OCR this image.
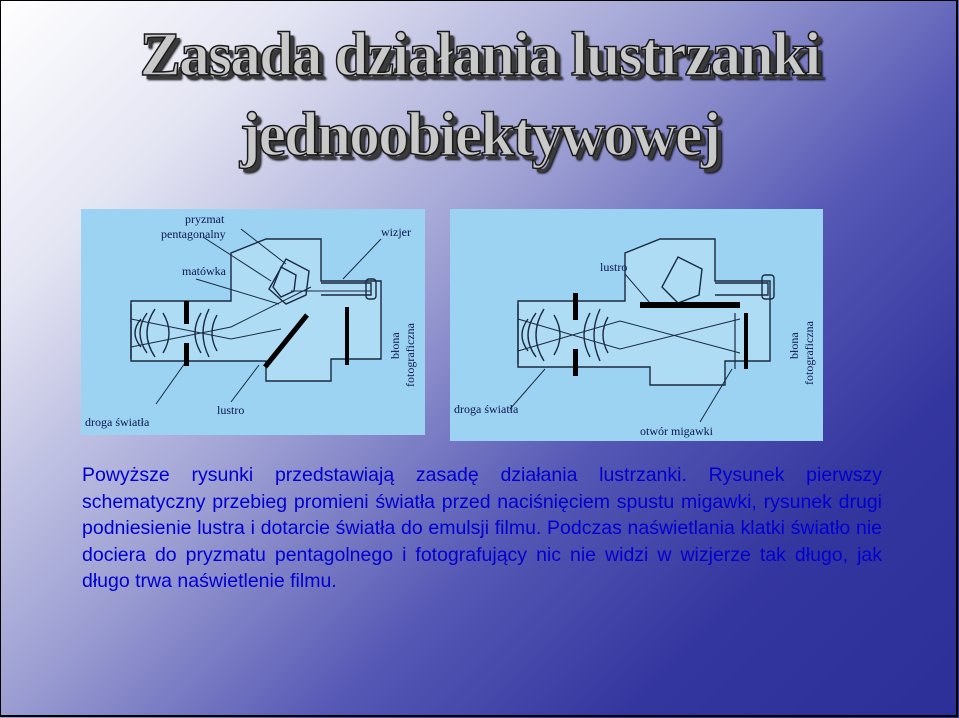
Zasada działania lustrzanki
jednoobiektywowej
pryzmat
pentagonalny	wizjer
matówka
droga światła
lustro
błona fotograficzna
lustro
droga światła
otwór migawki
błona fotograficzna

Powyższe rysunki przedstawiają zasadę działania lustrzanki. Rysunek pierwszy schematyczny przebieg promieni światła przed naciśnięciem spustu migawki, rysunek drugi podniesienie lustra i dotarcie światła do emulsji filmu. Podczas naświetlania klatki światło nie dociera do pryzmatu pentagolnego i fotografujący nic nie widzi w wizjerze tak długo, jak długo trwa naświetlenie filmu.
